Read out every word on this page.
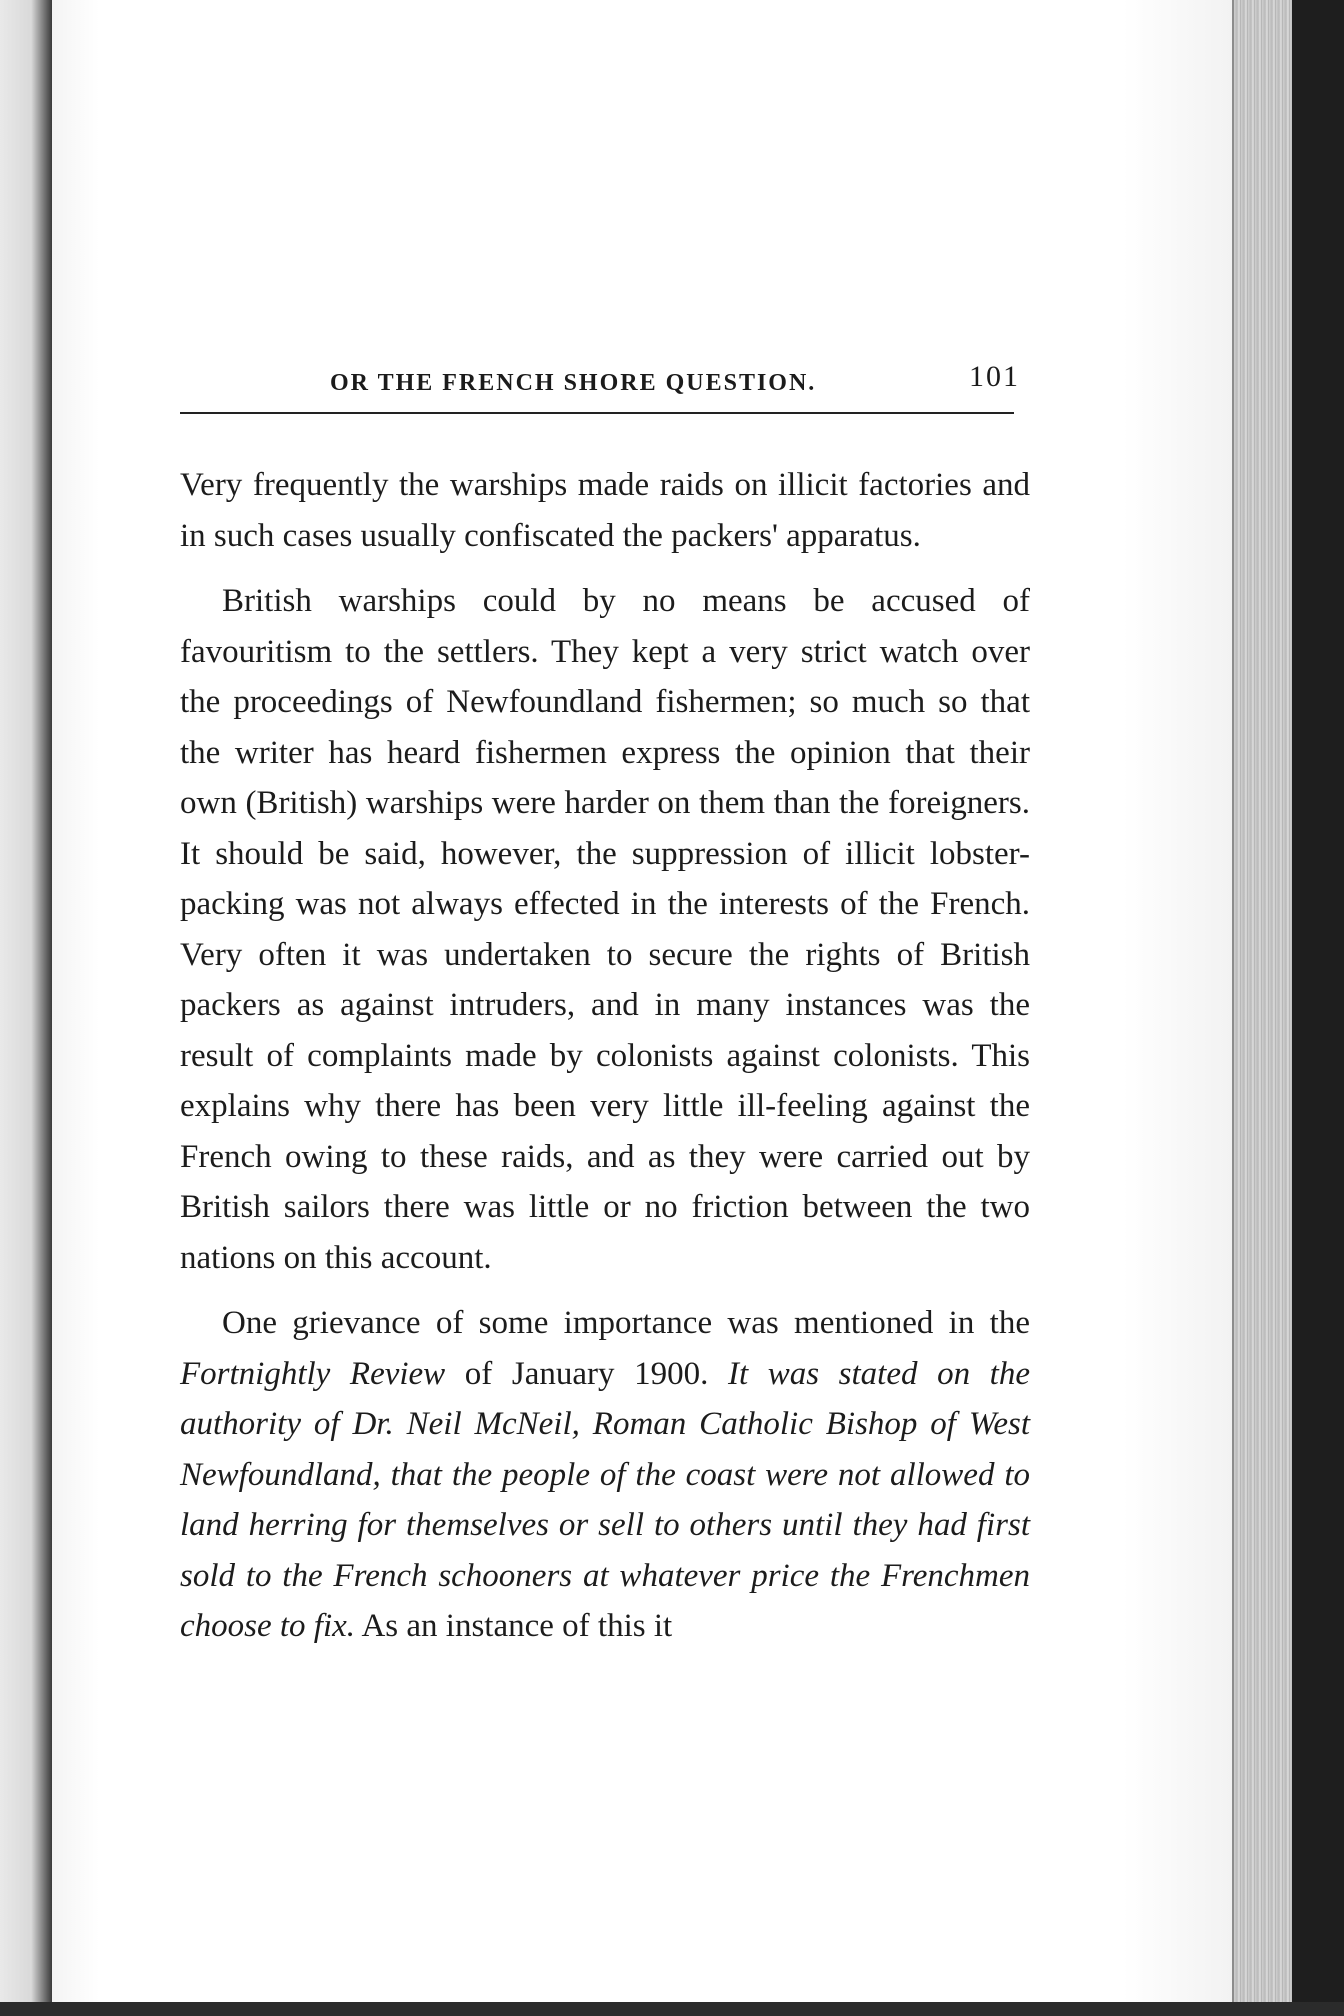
OR THE FRENCH SHORE QUESTION.	101

Very frequently the warships made raids on illicit factories and in such cases usually confiscated the packers' apparatus.

British warships could by no means be accused of favouritism to the settlers. They kept a very strict watch over the proceedings of Newfoundland fishermen; so much so that the writer has heard fishermen express the opinion that their own (British) warships were harder on them than the foreigners. It should be said, however, the suppression of illicit lobster-packing was not always effected in the interests of the French. Very often it was undertaken to secure the rights of British packers as against intruders, and in many instances was the result of complaints made by colonists against colonists. This explains why there has been very little ill-feeling against the French owing to these raids, and as they were carried out by British sailors there was little or no friction between the two nations on this account.

One grievance of some importance was mentioned in the Fortnightly Review of January 1900. It was stated on the authority of Dr. Neil McNeil, Roman Catholic Bishop of West Newfoundland, that the people of the coast were not allowed to land herring for themselves or sell to others until they had first sold to the French schooners at whatever price the Frenchmen choose to fix. As an instance of this it
